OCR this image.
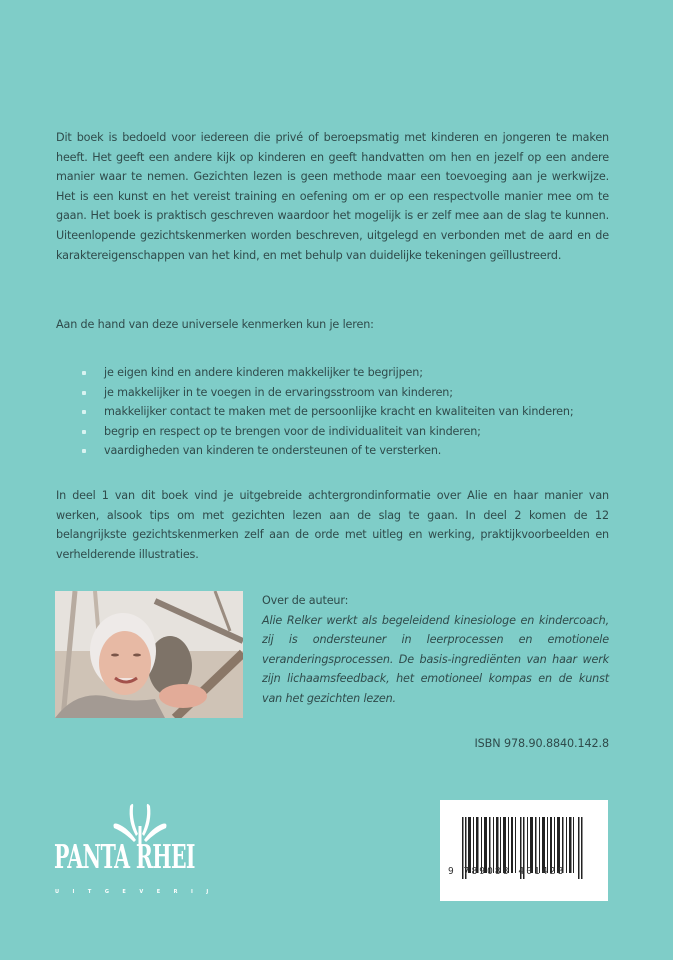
Dit boek is bedoeld voor iedereen die privé of beroepsmatig met kinderen en jongeren te maken heeft. Het geeft een andere kijk op kinderen en geeft handvatten om hen en jezelf op een andere manier waar te nemen. Gezichten lezen is geen methode maar een toevoeging aan je werkwijze. Het is een kunst en het vereist training en oefening om er op een respectvolle manier mee om te gaan. Het boek is praktisch geschreven waardoor het mogelijk is er zelf mee aan de slag te kunnen. Uiteenlopende gezichtskenmerken worden beschreven, uitgelegd en verbonden met de aard en de karaktereigenschappen van het kind, en met behulp van duidelijke tekeningen geïllustreerd.

Aan de hand van deze universele kenmerken kun je leren:

je eigen kind en andere kinderen makkelijker te begrijpen;
je makkelijker in te voegen in de ervaringsstroom van kinderen;
makkelijker contact te maken met de persoonlijke kracht en kwaliteiten van kinderen;
begrip en respect op te brengen voor de individualiteit van kinderen;
vaardigheden van kinderen te ondersteunen of te versterken.

In deel 1 van dit boek vind je uitgebreide achtergrondinformatie over Alie en haar manier van werken, alsook tips om met gezichten lezen aan de slag te gaan. In deel 2 komen de 12 belangrijkste gezichtskenmerken zelf aan de orde met uitleg en werking, praktijkvoorbeelden en verhelderende illustraties.

Over de auteur:
Alie Relker werkt als begeleidend kinesiologe en kindercoach, zij is ondersteuner in leerprocessen en emotionele veranderingsprocessen. De basis-ingrediënten van haar werk zijn lichaamsfeedback, het emotioneel kompas en de kunst van het gezichten lezen.
ISBN 978.90.8840.142.8
9 789088 401428
PANTA RHEI
UITGEVERIJ
